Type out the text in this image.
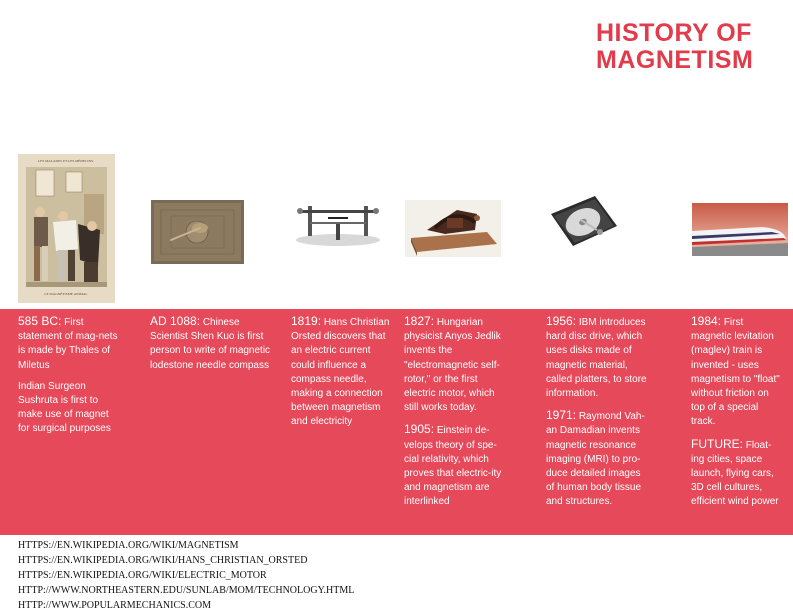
HISTORY OF
MAGNETISM
LES MALADES ET LES MÉDECINS.
LE MAGNÉTISME ANIMAL

585 BC: First statement of mag-nets is made by Thales of Miletus

Indian Surgeon Sushruta is first to make use of magnet for surgical purposes

AD 1088: Chinese Scientist Shen Kuo is first person to write of magnetic lodestone needle compass

1819: Hans Christian Orsted discovers that an electric current could influence a compass needle, making a connection between magnetism and electricity

1827: Hungarian physicist Anyos Jedlik invents the "electromagnetic self-rotor," or the first electric motor, which still works today.

1905: Einstein de-velops theory of spe-cial relativity, which proves that electric-ity and magnetism are interlinked

1956: IBM introduces hard disc drive, which uses disks made of magnetic material, called platters, to store information.

1971: Raymond Vah-an Damadian invents magnetic resonance imaging (MRI) to pro-duce detailed images of human body tissue and structures.

1984: First magnetic levitation (maglev) train is invented - uses magnetism to "float" without friction on top of a special track.

FUTURE: Float-ing cities, space launch, flying cars, 3D cell cultures, efficient wind power

HTTPS://EN.WIKIPEDIA.ORG/WIKI/MAGNETISM
HTTPS://EN.WIKIPEDIA.ORG/WIKI/HANS_CHRISTIAN_ORSTED
HTTPS://EN.WIKIPEDIA.ORG/WIKI/ELECTRIC_MOTOR
HTTP://WWW.NORTHEASTERN.EDU/SUNLAB/MOM/TECHNOLOGY.HTML
HTTP://WWW.POPULARMECHANICS.COM
